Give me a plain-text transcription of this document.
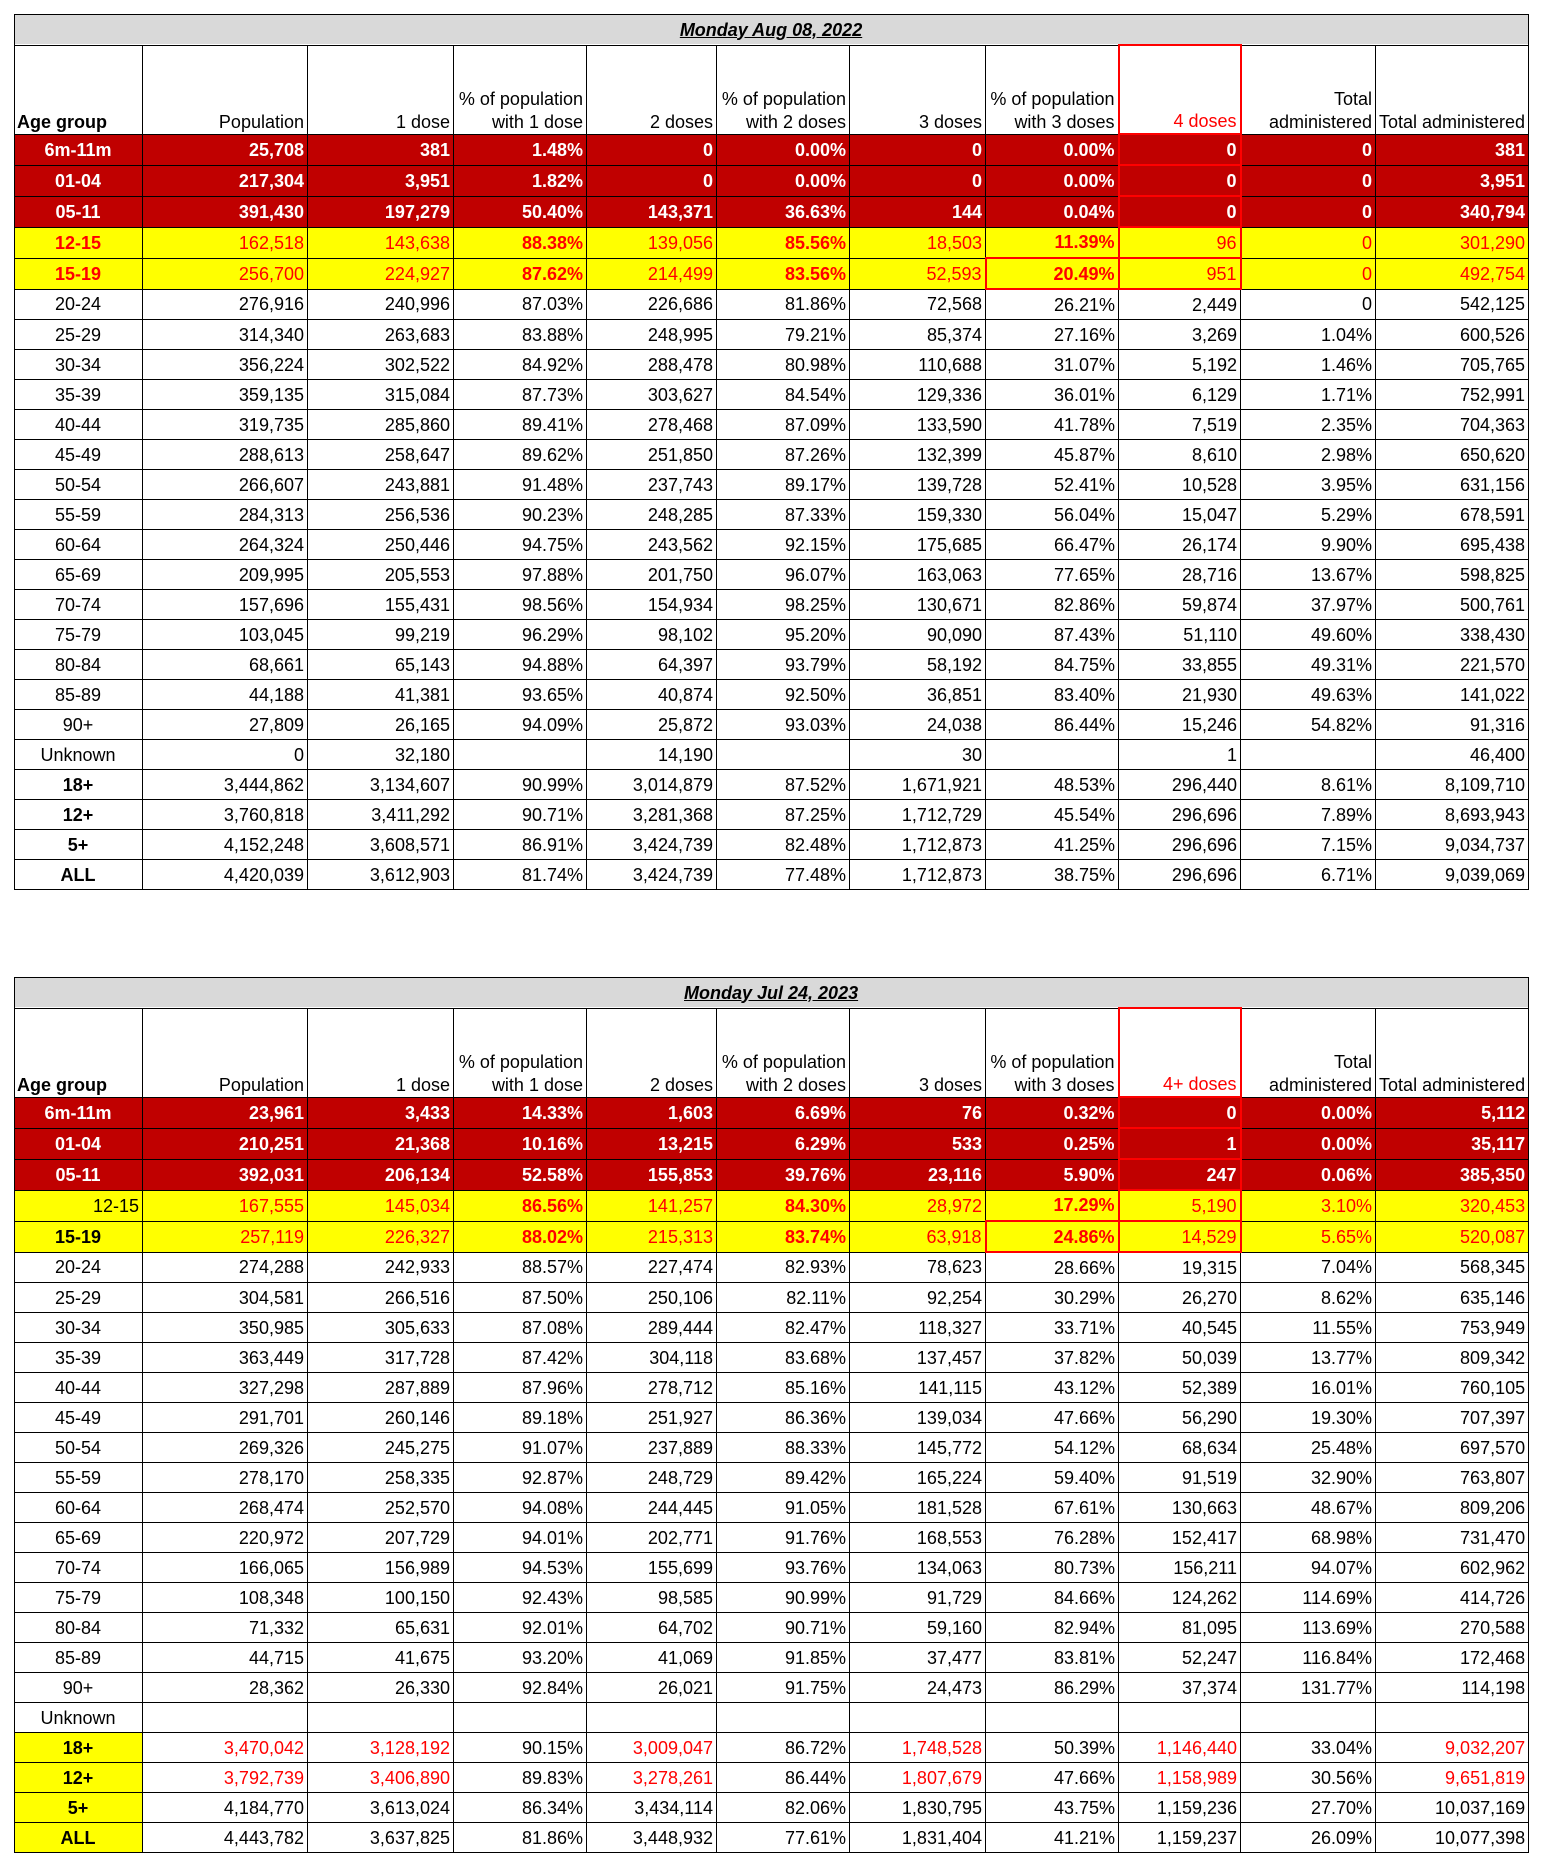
Monday Aug 08, 2022										
Age group	Population	1 dose	% of population with 1 dose	2 doses	% of population with 2 doses	3 doses	% of population with 3 doses	4 doses	Total administered	Total administered
6m-11m	25,708	381	1.48%	0	0.00%	0	0.00%	0	0	381
01-04	217,304	3,951	1.82%	0	0.00%	0	0.00%	0	0	3,951
05-11	391,430	197,279	50.40%	143,371	36.63%	144	0.04%	0	0	340,794
12-15	162,518	143,638	88.38%	139,056	85.56%	18,503	11.39%	96	0	301,290
15-19	256,700	224,927	87.62%	214,499	83.56%	52,593	20.49%	951	0	492,754
20-24	276,916	240,996	87.03%	226,686	81.86%	72,568	26.21%	2,449	0	542,125
25-29	314,340	263,683	83.88%	248,995	79.21%	85,374	27.16%	3,269	1.04%	600,526
30-34	356,224	302,522	84.92%	288,478	80.98%	110,688	31.07%	5,192	1.46%	705,765
35-39	359,135	315,084	87.73%	303,627	84.54%	129,336	36.01%	6,129	1.71%	752,991
40-44	319,735	285,860	89.41%	278,468	87.09%	133,590	41.78%	7,519	2.35%	704,363
45-49	288,613	258,647	89.62%	251,850	87.26%	132,399	45.87%	8,610	2.98%	650,620
50-54	266,607	243,881	91.48%	237,743	89.17%	139,728	52.41%	10,528	3.95%	631,156
55-59	284,313	256,536	90.23%	248,285	87.33%	159,330	56.04%	15,047	5.29%	678,591
60-64	264,324	250,446	94.75%	243,562	92.15%	175,685	66.47%	26,174	9.90%	695,438
65-69	209,995	205,553	97.88%	201,750	96.07%	163,063	77.65%	28,716	13.67%	598,825
70-74	157,696	155,431	98.56%	154,934	98.25%	130,671	82.86%	59,874	37.97%	500,761
75-79	103,045	99,219	96.29%	98,102	95.20%	90,090	87.43%	51,110	49.60%	338,430
80-84	68,661	65,143	94.88%	64,397	93.79%	58,192	84.75%	33,855	49.31%	221,570
85-89	44,188	41,381	93.65%	40,874	92.50%	36,851	83.40%	21,930	49.63%	141,022
90+	27,809	26,165	94.09%	25,872	93.03%	24,038	86.44%	15,246	54.82%	91,316
Unknown	0	32,180		14,190		30		1		46,400
18+	3,444,862	3,134,607	90.99%	3,014,879	87.52%	1,671,921	48.53%	296,440	8.61%	8,109,710
12+	3,760,818	3,411,292	90.71%	3,281,368	87.25%	1,712,729	45.54%	296,696	7.89%	8,693,943
5+	4,152,248	3,608,571	86.91%	3,424,739	82.48%	1,712,873	41.25%	296,696	7.15%	9,034,737
ALL	4,420,039	3,612,903	81.74%	3,424,739	77.48%	1,712,873	38.75%	296,696	6.71%	9,039,069
Monday Jul 24, 2023										
Age group	Population	1 dose	% of population with 1 dose	2 doses	% of population with 2 doses	3 doses	% of population with 3 doses	4+ doses	Total administered	Total administered
6m-11m	23,961	3,433	14.33%	1,603	6.69%	76	0.32%	0	0.00%	5,112
01-04	210,251	21,368	10.16%	13,215	6.29%	533	0.25%	1	0.00%	35,117
05-11	392,031	206,134	52.58%	155,853	39.76%	23,116	5.90%	247	0.06%	385,350
12-15	167,555	145,034	86.56%	141,257	84.30%	28,972	17.29%	5,190	3.10%	320,453
15-19	257,119	226,327	88.02%	215,313	83.74%	63,918	24.86%	14,529	5.65%	520,087
20-24	274,288	242,933	88.57%	227,474	82.93%	78,623	28.66%	19,315	7.04%	568,345
25-29	304,581	266,516	87.50%	250,106	82.11%	92,254	30.29%	26,270	8.62%	635,146
30-34	350,985	305,633	87.08%	289,444	82.47%	118,327	33.71%	40,545	11.55%	753,949
35-39	363,449	317,728	87.42%	304,118	83.68%	137,457	37.82%	50,039	13.77%	809,342
40-44	327,298	287,889	87.96%	278,712	85.16%	141,115	43.12%	52,389	16.01%	760,105
45-49	291,701	260,146	89.18%	251,927	86.36%	139,034	47.66%	56,290	19.30%	707,397
50-54	269,326	245,275	91.07%	237,889	88.33%	145,772	54.12%	68,634	25.48%	697,570
55-59	278,170	258,335	92.87%	248,729	89.42%	165,224	59.40%	91,519	32.90%	763,807
60-64	268,474	252,570	94.08%	244,445	91.05%	181,528	67.61%	130,663	48.67%	809,206
65-69	220,972	207,729	94.01%	202,771	91.76%	168,553	76.28%	152,417	68.98%	731,470
70-74	166,065	156,989	94.53%	155,699	93.76%	134,063	80.73%	156,211	94.07%	602,962
75-79	108,348	100,150	92.43%	98,585	90.99%	91,729	84.66%	124,262	114.69%	414,726
80-84	71,332	65,631	92.01%	64,702	90.71%	59,160	82.94%	81,095	113.69%	270,588
85-89	44,715	41,675	93.20%	41,069	91.85%	37,477	83.81%	52,247	116.84%	172,468
90+	28,362	26,330	92.84%	26,021	91.75%	24,473	86.29%	37,374	131.77%	114,198
Unknown										
18+	3,470,042	3,128,192	90.15%	3,009,047	86.72%	1,748,528	50.39%	1,146,440	33.04%	9,032,207
12+	3,792,739	3,406,890	89.83%	3,278,261	86.44%	1,807,679	47.66%	1,158,989	30.56%	9,651,819
5+	4,184,770	3,613,024	86.34%	3,434,114	82.06%	1,830,795	43.75%	1,159,236	27.70%	10,037,169
ALL	4,443,782	3,637,825	81.86%	3,448,932	77.61%	1,831,404	41.21%	1,159,237	26.09%	10,077,398
